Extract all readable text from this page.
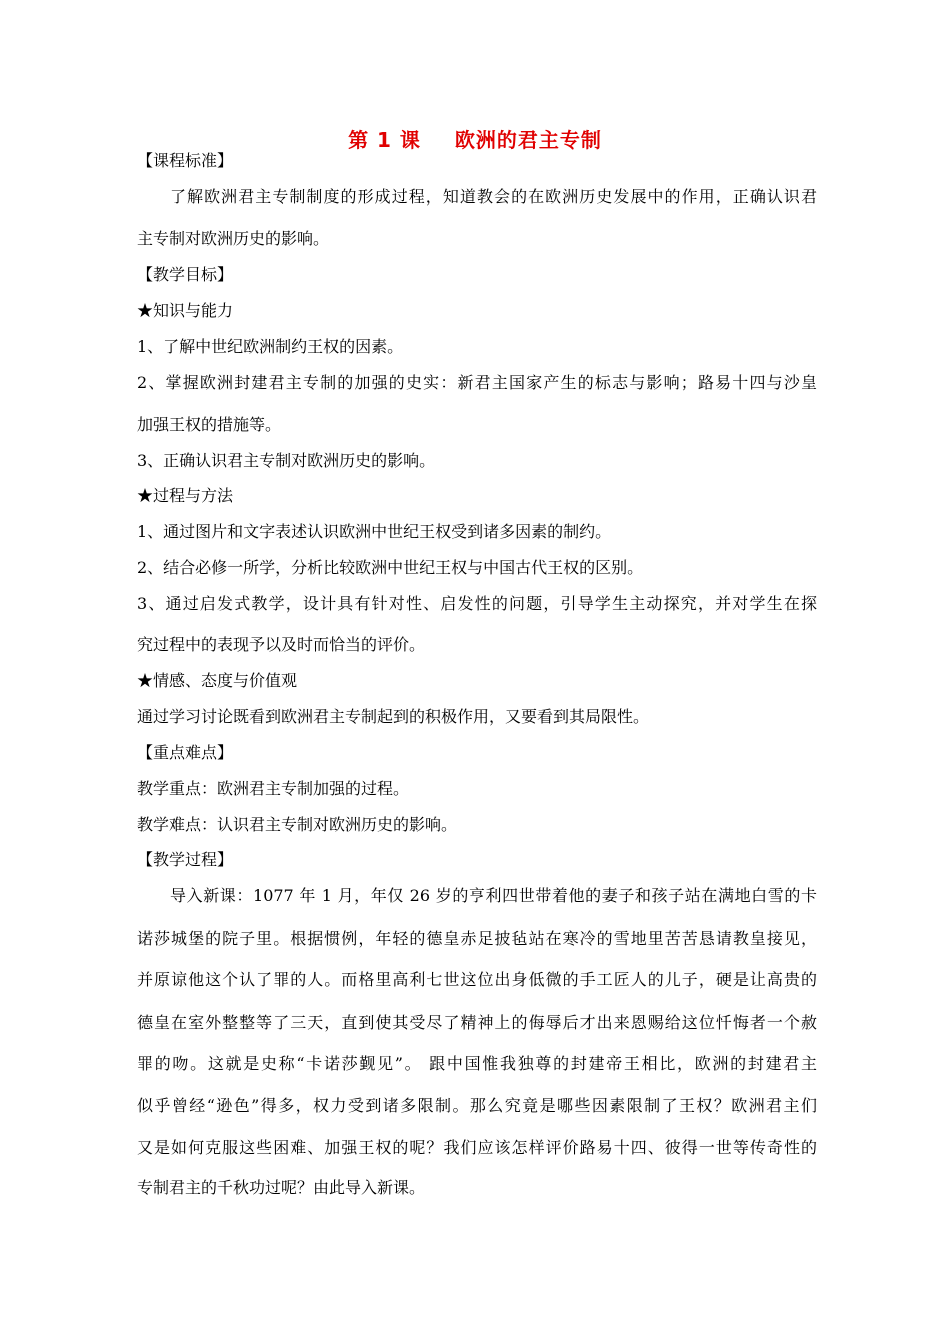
第 1 课 欧洲的君主专制
【课程标准】
了解欧洲君主专制制度的形成过程，知道教会的在欧洲历史发展中的作用，正确认识君
主专制对欧洲历史的影响。
【教学目标】
★知识与能力
1、了解中世纪欧洲制约王权的因素。
2、掌握欧洲封建君主专制的加强的史实：新君主国家产生的标志与影响；路易十四与沙皇
加强王权的措施等。
3、正确认识君主专制对欧洲历史的影响。
★过程与方法
1、通过图片和文字表述认识欧洲中世纪王权受到诸多因素的制约。
2、结合必修一所学，分析比较欧洲中世纪王权与中国古代王权的区别。
3、通过启发式教学，设计具有针对性、启发性的问题，引导学生主动探究，并对学生在探
究过程中的表现予以及时而恰当的评价。
★情感、态度与价值观
通过学习讨论既看到欧洲君主专制起到的积极作用，又要看到其局限性。
【重点难点】
教学重点：欧洲君主专制加强的过程。
教学难点：认识君主专制对欧洲历史的影响。
【教学过程】
导入新课：1077 年 1 月，年仅 26 岁的亨利四世带着他的妻子和孩子站在满地白雪的卡
诺莎城堡的院子里。根据惯例，年轻的德皇赤足披毡站在寒冷的雪地里苦苦恳请教皇接见，
并原谅他这个认了罪的人。而格里高利七世这位出身低微的手工匠人的儿子，硬是让高贵的
德皇在室外整整等了三天，直到使其受尽了精神上的侮辱后才出来恩赐给这位忏悔者一个赦
罪的吻。这就是史称“卡诺莎觐见”。 跟中国惟我独尊的封建帝王相比，欧洲的封建君主
似乎曾经“逊色”得多，权力受到诸多限制。那么究竟是哪些因素限制了王权？欧洲君主们
又是如何克服这些困难、加强王权的呢？我们应该怎样评价路易十四、彼得一世等传奇性的
专制君主的千秋功过呢？由此导入新课。
